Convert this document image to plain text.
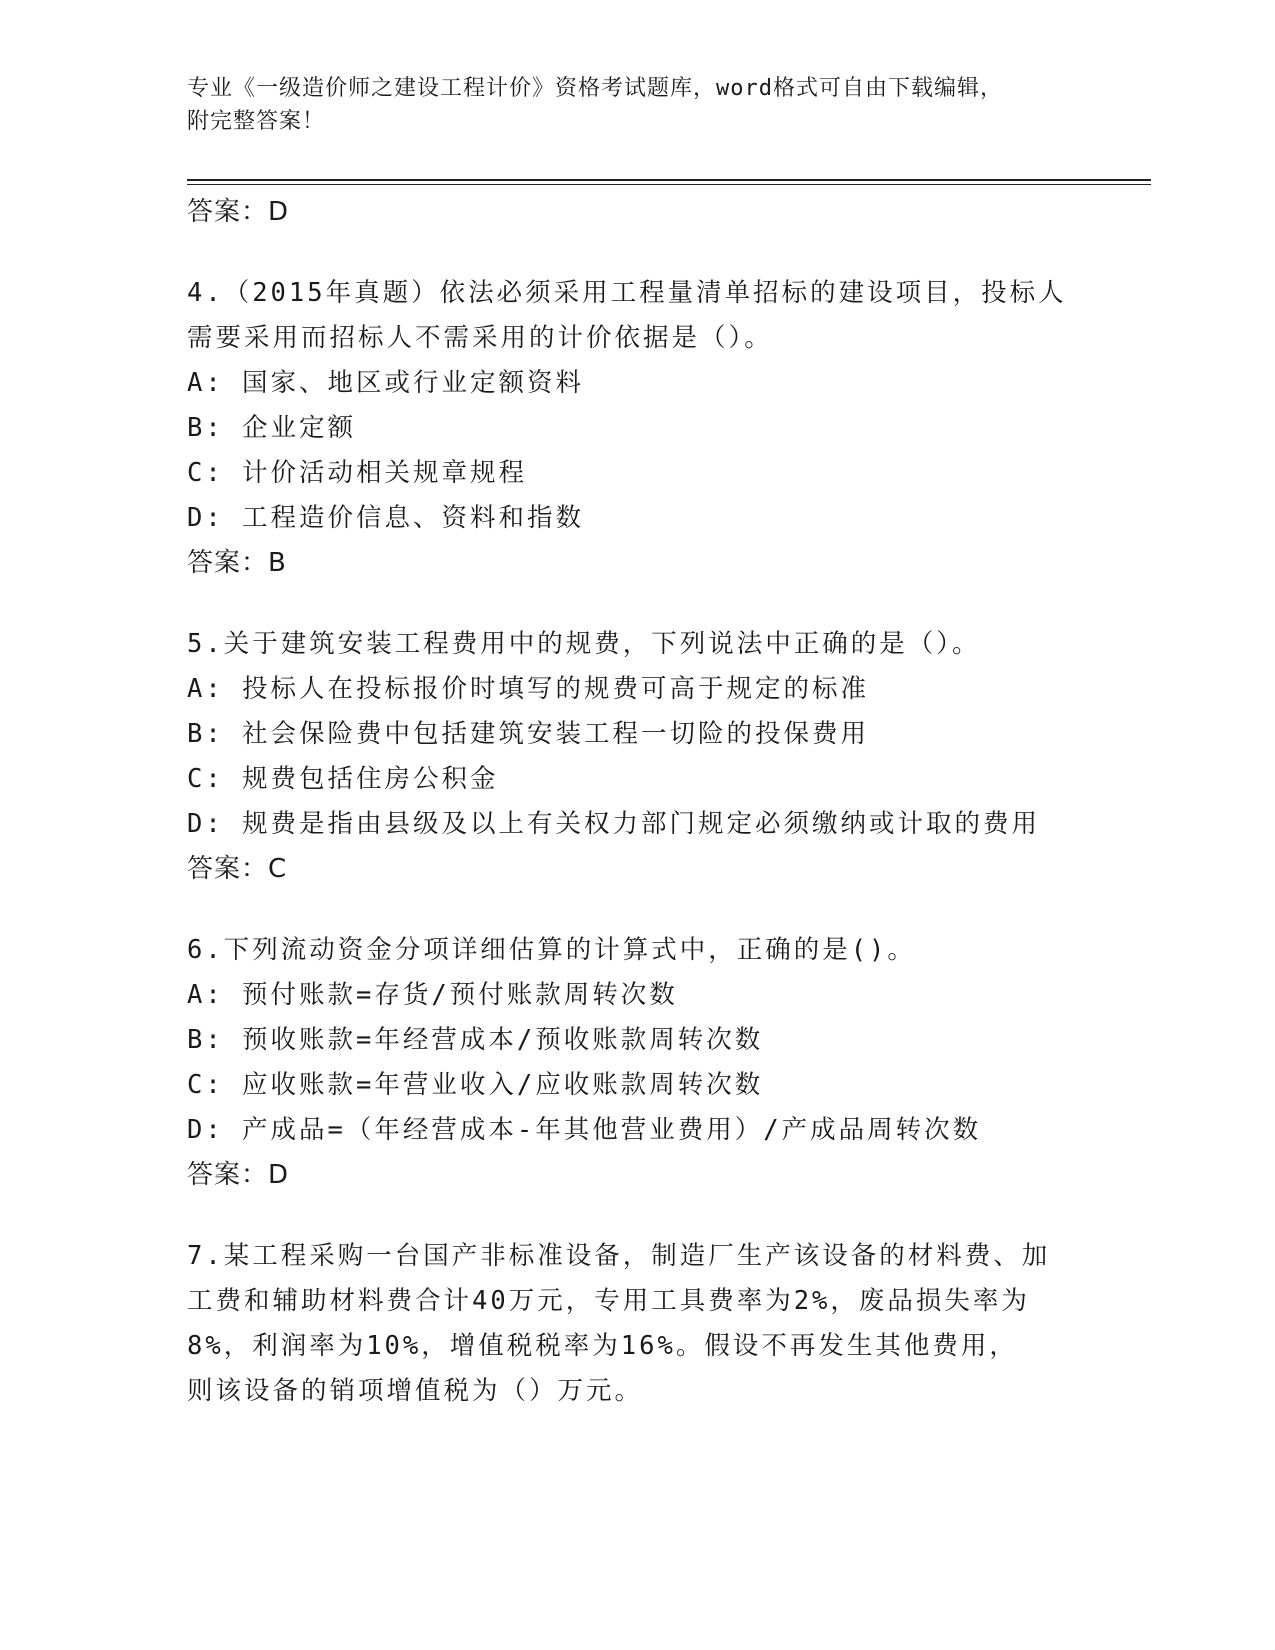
专业《一级造价师之建设工程计价》资格考试题库，word格式可自由下载编辑，
附完整答案！
答案：D
4.（2015年真题）依法必须采用工程量清单招标的建设项目，投标人
需要采用而招标人不需采用的计价依据是（）。
A: 国家、地区或行业定额资料
B: 企业定额
C: 计价活动相关规章规程
D: 工程造价信息、资料和指数
答案：B
5.关于建筑安装工程费用中的规费，下列说法中正确的是（）。
A: 投标人在投标报价时填写的规费可高于规定的标准
B: 社会保险费中包括建筑安装工程一切险的投保费用
C: 规费包括住房公积金
D: 规费是指由县级及以上有关权力部门规定必须缴纳或计取的费用
答案：C
6.下列流动资金分项详细估算的计算式中，正确的是()。
A: 预付账款=存货/预付账款周转次数
B: 预收账款=年经营成本/预收账款周转次数
C: 应收账款=年营业收入/应收账款周转次数
D: 产成品=（年经营成本-年其他营业费用）/产成品周转次数
答案：D
7.某工程采购一台国产非标准设备，制造厂生产该设备的材料费、加
工费和辅助材料费合计40万元，专用工具费率为2%，废品损失率为
8%，利润率为10%，增值税税率为16%。假设不再发生其他费用，
则该设备的销项增值税为（）万元。
